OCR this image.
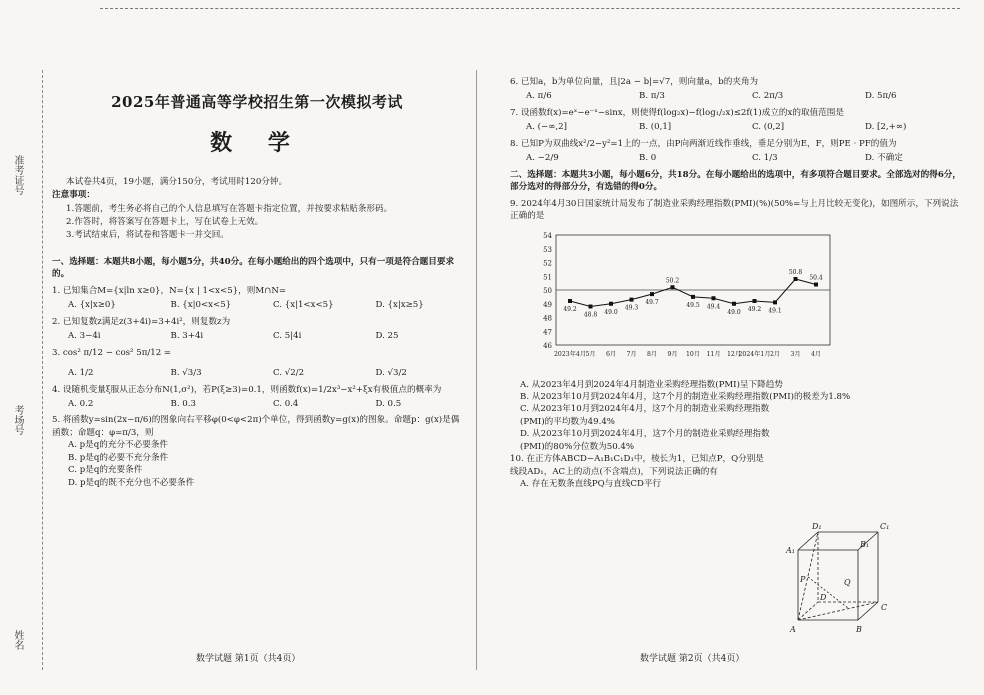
准考证号
考场号
姓名
2025年普通高等学校招生第一次模拟考试
数 学
本试卷共4页，19小题，满分150分，考试用时120分钟。
注意事项：
1.答题前，考生务必将自己的个人信息填写在答题卡指定位置，并按要求粘贴条形码。
2.作答时，将答案写在答题卡上，写在试卷上无效。
3.考试结束后，将试卷和答题卡一并交回。
一、选择题：本题共8小题，每小题5分，共40分。在每小题给出的四个选项中，只有一项是符合题目要求的。
1. 已知集合M={x|ln x≥0}，N={x | 1<x<5}，则M∩N=
A. {x|x≥0}	B. {x|0<x<5}	C. {x|1<x<5}	D. {x|x≥5}
2. 已知复数z满足z(3+4i)=3+4i²，则复数z为
A. 3−4i	B. 3+4i	C. 5|4i	D. 25
3. cos² π/12 − cos² 5π/12 =
A. 1/2	B. √3/3	C. √2/2	D. √3/2
4. 设随机变量ξ服从正态分布N(1,σ²)，若P(ξ≥3)=0.1，则函数f(x)=1/2x³−x²+ξx有极值点的概率为
A. 0.2	B. 0.3	C. 0.4	D. 0.5
5. 将函数y=sin(2x−π/6)的图象向右平移φ(0<φ<2π)个单位，得到函数y=g(x)的图象。命题p：g(x)是偶函数；命题q：φ=π/3，则
A. p是q的充分不必要条件
B. p是q的必要不充分条件
C. p是q的充要条件
D. p是q的既不充分也不必要条件
数学试题 第1页（共4页）
6. 已知a，b为单位向量，且|2a − b|=√7，则向量a，b的夹角为
A. π/6	B. π/3	C. 2π/3	D. 5π/6
7. 设函数f(x)=eˣ−e⁻ˣ−sinx，则使得f(log₂x)−f(log₁/₂x)≤2f(1)成立的x的取值范围是
A. (−∞,2]	B. (0,1]	C. (0,2]	D. [2,+∞)
8. 已知P为双曲线x²/2−y²=1上的一点，由P向两渐近线作垂线，垂足分别为E，F，则PE · PF的值为
A. −2/9	B. 0	C. 1/3	D. 不确定
二、选择题：本题共3小题，每小题6分，共18分。在每小题给出的选项中，有多项符合题目要求。全部选对的得6分，部分选对的得部分分，有选错的得0分。
9. 2024年4月30日国家统计局发布了制造业采购经理指数(PMI)(%)(50%=与上月比较无变化)，如图所示，下列说法正确的是
46
47
48
49
50
51
52
53
54
49.2
48.8 49.0
49.3
49.7
50.2
49.5 49.4
49.0 49.2 49.1
50.8
50.4
2023年4月 5月 6月 7月 8月 9月 10月 11月 12月
2024年1月 2月 3月 4月
A. 从2023年4月到2024年4月制造业采购经理指数(PMI)呈下降趋势
B. 从2023年10月到2024年4月，这7个月的制造业采购经理指数(PMI)的极差为1.8%
C. 从2023年10月到2024年4月，这7个月的制造业采购经理指数(PMI)的平均数为49.4%
D. 从2023年10月到2024年4月，这7个月的制造业采购经理指数(PMI)的80%分位数为50.4%
10. 在正方体ABCD−A₁B₁C₁D₁中，棱长为1，已知点P，Q分别是线段AD₁，AC上的动点(不含端点)，下列说法正确的有
A. 存在无数条直线PQ与直线CD平行
D₁	C₁
A₁
B₁
P	Q
D
C
A	B
数学试题 第2页（共4页）
